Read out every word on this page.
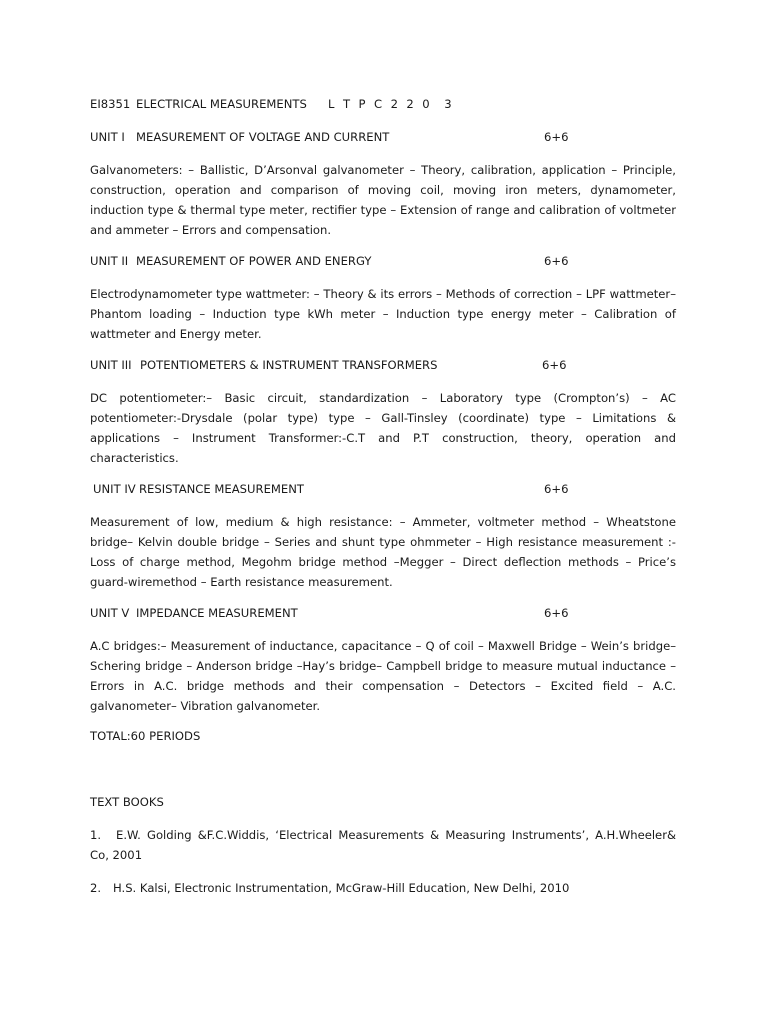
EI8351 ELECTRICAL MEASUREMENTS	L T P C 2 2 0  3
UNIT I MEASUREMENT OF VOLTAGE AND CURRENT	6+6

Galvanometers: – Ballistic, D’Arsonval galvanometer – Theory, calibration, application – Principle, construction, operation and comparison of moving coil, moving iron meters, dynamometer, induction type & thermal type meter, rectifier type – Extension of range and calibration of voltmeter and ammeter – Errors and compensation.

UNIT II MEASUREMENT OF POWER AND ENERGY	6+6

Electrodynamometer type wattmeter: – Theory & its errors – Methods of correction – LPF wattmeter– Phantom loading – Induction type kWh meter – Induction type energy meter – Calibration of wattmeter and Energy meter.

UNIT III POTENTIOMETERS & INSTRUMENT TRANSFORMERS	6+6

DC potentiometer:– Basic circuit, standardization – Laboratory type (Crompton’s) – AC potentiometer:-Drysdale (polar type) type – Gall-Tinsley (coordinate) type – Limitations & applications – Instrument Transformer:-C.T and P.T construction, theory, operation and characteristics.

UNIT IV RESISTANCE MEASUREMENT	6+6

Measurement of low, medium & high resistance: – Ammeter, voltmeter method – Wheatstone bridge– Kelvin double bridge – Series and shunt type ohmmeter – High resistance measurement :-Loss of charge method, Megohm bridge method –Megger – Direct deflection methods – Price’s guard-wiremethod – Earth resistance measurement.

UNIT V IMPEDANCE MEASUREMENT	6+6

A.C bridges:– Measurement of inductance, capacitance – Q of coil – Maxwell Bridge – Wein’s bridge– Schering bridge – Anderson bridge –Hay’s bridge– Campbell bridge to measure mutual inductance – Errors in A.C. bridge methods and their compensation – Detectors – Excited field – A.C. galvanometer– Vibration galvanometer.

TOTAL:60 PERIODS
TEXT BOOKS
1. E.W. Golding &F.C.Widdis, ‘Electrical Measurements & Measuring Instruments’, A.H.Wheeler& Co, 2001
2. H.S. Kalsi, Electronic Instrumentation, McGraw-Hill Education, New Delhi, 2010
